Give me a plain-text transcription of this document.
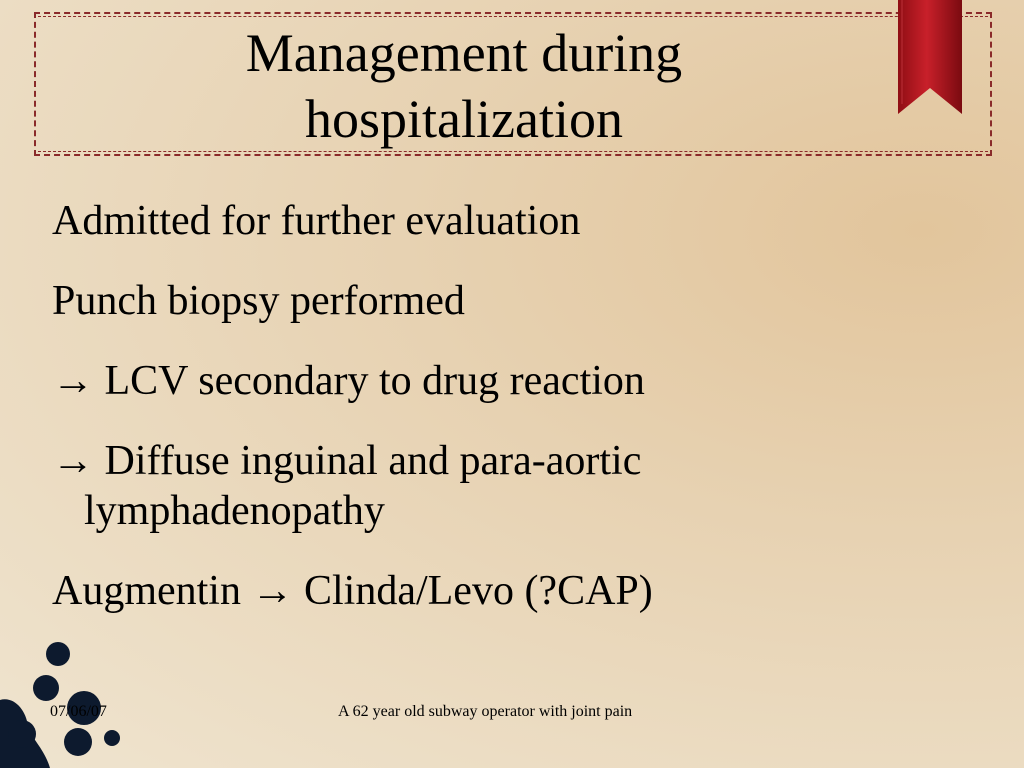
Management during
hospitalization
Admitted for further evaluation
Punch biopsy performed
→ LCV secondary to drug reaction
→ Diffuse inguinal and para-aortic lymphadenopathy
Augmentin → Clinda/Levo (?CAP)
07/06/07	A 62 year old subway operator with joint pain
